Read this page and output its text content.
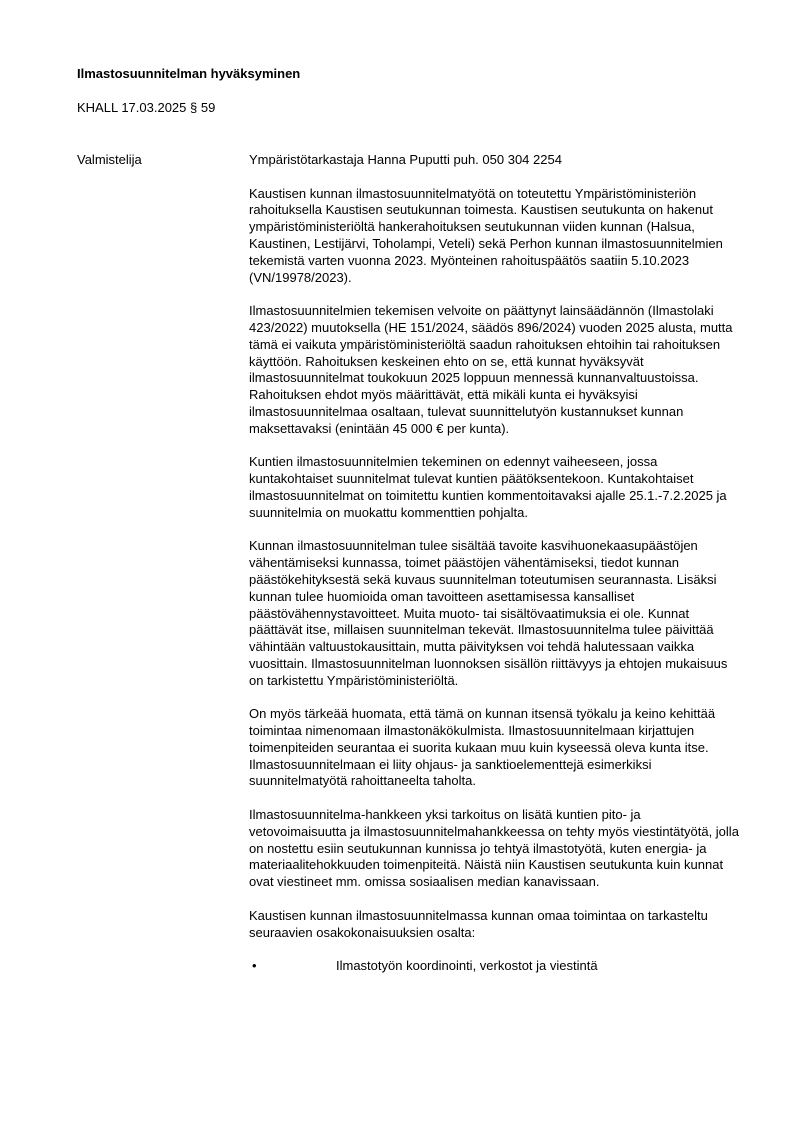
Ilmastosuunnitelman hyväksyminen
KHALL 17.03.2025 § 59
Valmistelija	Ympäristötarkastaja Hanna Puputti puh. 050 304 2254

Kaustisen kunnan ilmastosuunnitelmatyötä on toteutettu Ympäristöministeriön rahoituksella Kaustisen seutukunnan toimesta. Kaustisen seutukunta on hakenut ympäristöministeriöltä hankerahoituksen seutukunnan viiden kunnan (Halsua, Kaustinen, Lestijärvi, Toholampi, Veteli) sekä Perhon kunnan ilmastosuunnitelmien tekemistä varten vuonna 2023. Myönteinen rahoituspäätös saatiin 5.10.2023 (VN/19978/2023).

Ilmastosuunnitelmien tekemisen velvoite on päättynyt lainsäädännön (Ilmastolaki 423/2022) muutoksella (HE 151/2024, säädös 896/2024) vuoden 2025 alusta, mutta tämä ei vaikuta ympäristöministeriöltä saadun rahoituksen ehtoihin tai rahoituksen käyttöön. Rahoituksen keskeinen ehto on se, että kunnat hyväksyvät ilmastosuunnitelmat toukokuun 2025 loppuun mennessä kunnanvaltuustoissa. Rahoituksen ehdot myös määrittävät, että mikäli kunta ei hyväksyisi ilmastosuunnitelmaa osaltaan, tulevat suunnittelutyön kustannukset kunnan maksettavaksi (enintään 45 000 € per kunta).

Kuntien ilmastosuunnitelmien tekeminen on edennyt vaiheeseen, jossa kuntakohtaiset suunnitelmat tulevat kuntien päätöksentekoon. Kuntakohtaiset ilmastosuunnitelmat on toimitettu kuntien kommentoitavaksi ajalle 25.1.-7.2.2025 ja suunnitelmia on muokattu kommenttien pohjalta.

Kunnan ilmastosuunnitelman tulee sisältää tavoite kasvihuonekaasupäästöjen vähentämiseksi kunnassa, toimet päästöjen vähentämiseksi, tiedot kunnan päästökehityksestä sekä kuvaus suunnitelman toteutumisen seurannasta. Lisäksi kunnan tulee huomioida oman tavoitteen asettamisessa kansalliset päästövähennystavoitteet. Muita muoto- tai sisältövaatimuksia ei ole. Kunnat päättävät itse, millaisen suunnitelman tekevät. Ilmastosuunnitelma tulee päivittää vähintään valtuustokausittain, mutta päivityksen voi tehdä halutessaan vaikka vuosittain. Ilmastosuunnitelman luonnoksen sisällön riittävyys ja ehtojen mukaisuus on tarkistettu Ympäristöministeriöltä.

On myös tärkeää huomata, että tämä on kunnan itsensä työkalu ja keino kehittää toimintaa nimenomaan ilmastonäkökulmista. Ilmastosuunnitelmaan kirjattujen toimenpiteiden seurantaa ei suorita kukaan muu kuin kyseessä oleva kunta itse. Ilmastosuunnitelmaan ei liity ohjaus- ja sanktioelementtejä esimerkiksi suunnitelmatyötä rahoittaneelta taholta.

Ilmastosuunnitelma-hankkeen yksi tarkoitus on lisätä kuntien pito- ja vetovoimaisuutta ja ilmastosuunnitelmahankkeessa on tehty myös viestintätyötä, jolla on nostettu esiin seutukunnan kunnissa jo tehtyä ilmastotyötä, kuten energia- ja materiaalitehokkuuden toimenpiteitä. Näistä niin Kaustisen seutukunta kuin kunnat ovat viestineet mm. omissa sosiaalisen median kanavissaan.

Kaustisen kunnan ilmastosuunnitelmassa kunnan omaa toimintaa on tarkasteltu seuraavien osakokonaisuuksien osalta:

•	Ilmastotyön koordinointi, verkostot ja viestintä
